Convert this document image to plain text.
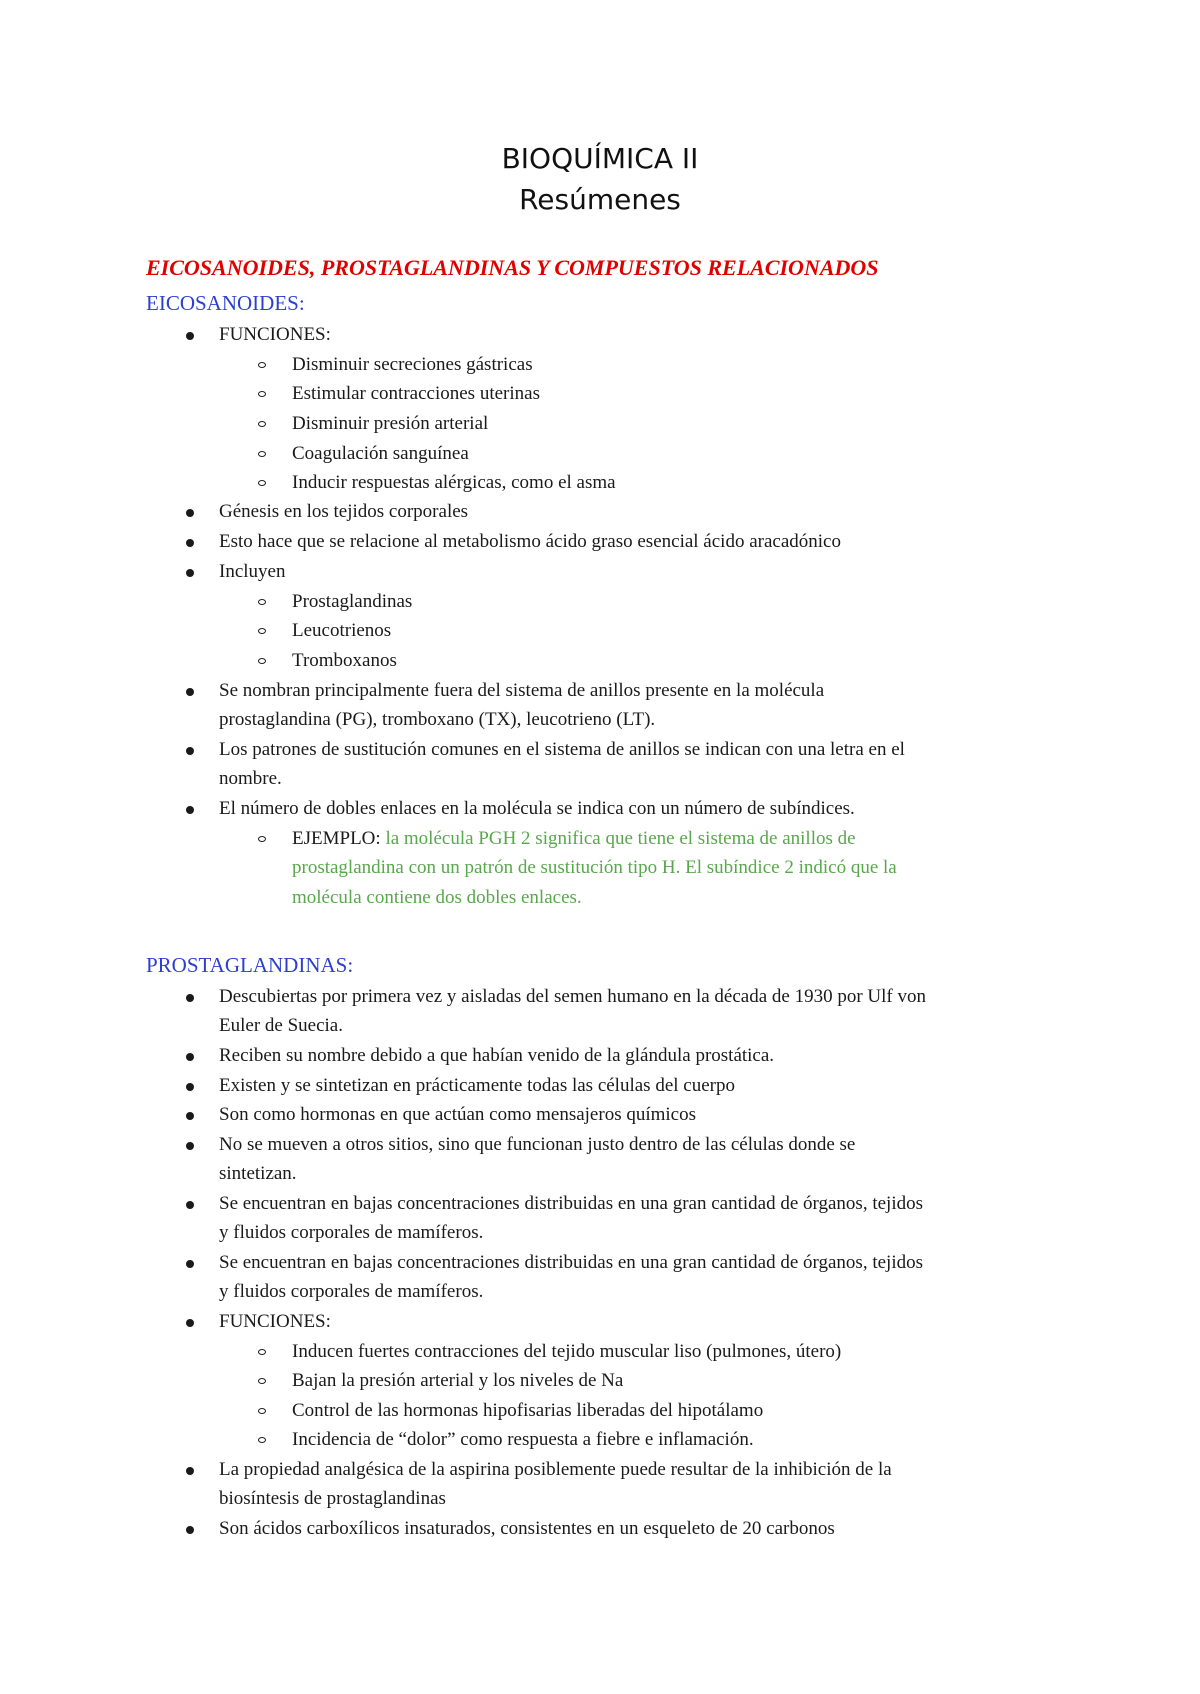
BIOQUÍMICA II
Resúmenes
EICOSANOIDES, PROSTAGLANDINAS Y COMPUESTOS RELACIONADOS
EICOSANOIDES:
FUNCIONES:
Disminuir secreciones gástricas
Estimular contracciones uterinas
Disminuir presión arterial
Coagulación sanguínea
Inducir respuestas alérgicas, como el asma
Génesis en los tejidos corporales
Esto hace que se relacione al metabolismo ácido graso esencial ácido aracadónico
Incluyen
Prostaglandinas
Leucotrienos
Tromboxanos
Se nombran principalmente fuera del sistema de anillos presente en la molécula
prostaglandina (PG), tromboxano (TX), leucotrieno (LT).
Los patrones de sustitución comunes en el sistema de anillos se indican con una letra en el
nombre.
El número de dobles enlaces en la molécula se indica con un número de subíndices.
EJEMPLO: la molécula PGH 2 significa que tiene el sistema de anillos de
prostaglandina con un patrón de sustitución tipo H. El subíndice 2 indicó que la
molécula contiene dos dobles enlaces.
PROSTAGLANDINAS:
Descubiertas por primera vez y aisladas del semen humano en la década de 1930 por Ulf von
Euler de Suecia.
Reciben su nombre debido a que habían venido de la glándula prostática.
Existen y se sintetizan en prácticamente todas las células del cuerpo
Son como hormonas en que actúan como mensajeros químicos
No se mueven a otros sitios, sino que funcionan justo dentro de las células donde se
sintetizan.
Se encuentran en bajas concentraciones distribuidas en una gran cantidad de órganos, tejidos
y fluidos corporales de mamíferos.
Se encuentran en bajas concentraciones distribuidas en una gran cantidad de órganos, tejidos
y fluidos corporales de mamíferos.
FUNCIONES:
Inducen fuertes contracciones del tejido muscular liso (pulmones, útero)
Bajan la presión arterial y los niveles de Na
Control de las hormonas hipofisarias liberadas del hipotálamo
Incidencia de “dolor” como respuesta a fiebre e inflamación.
La propiedad analgésica de la aspirina posiblemente puede resultar de la inhibición de la
biosíntesis de prostaglandinas
Son ácidos carboxílicos insaturados, consistentes en un esqueleto de 20 carbonos
